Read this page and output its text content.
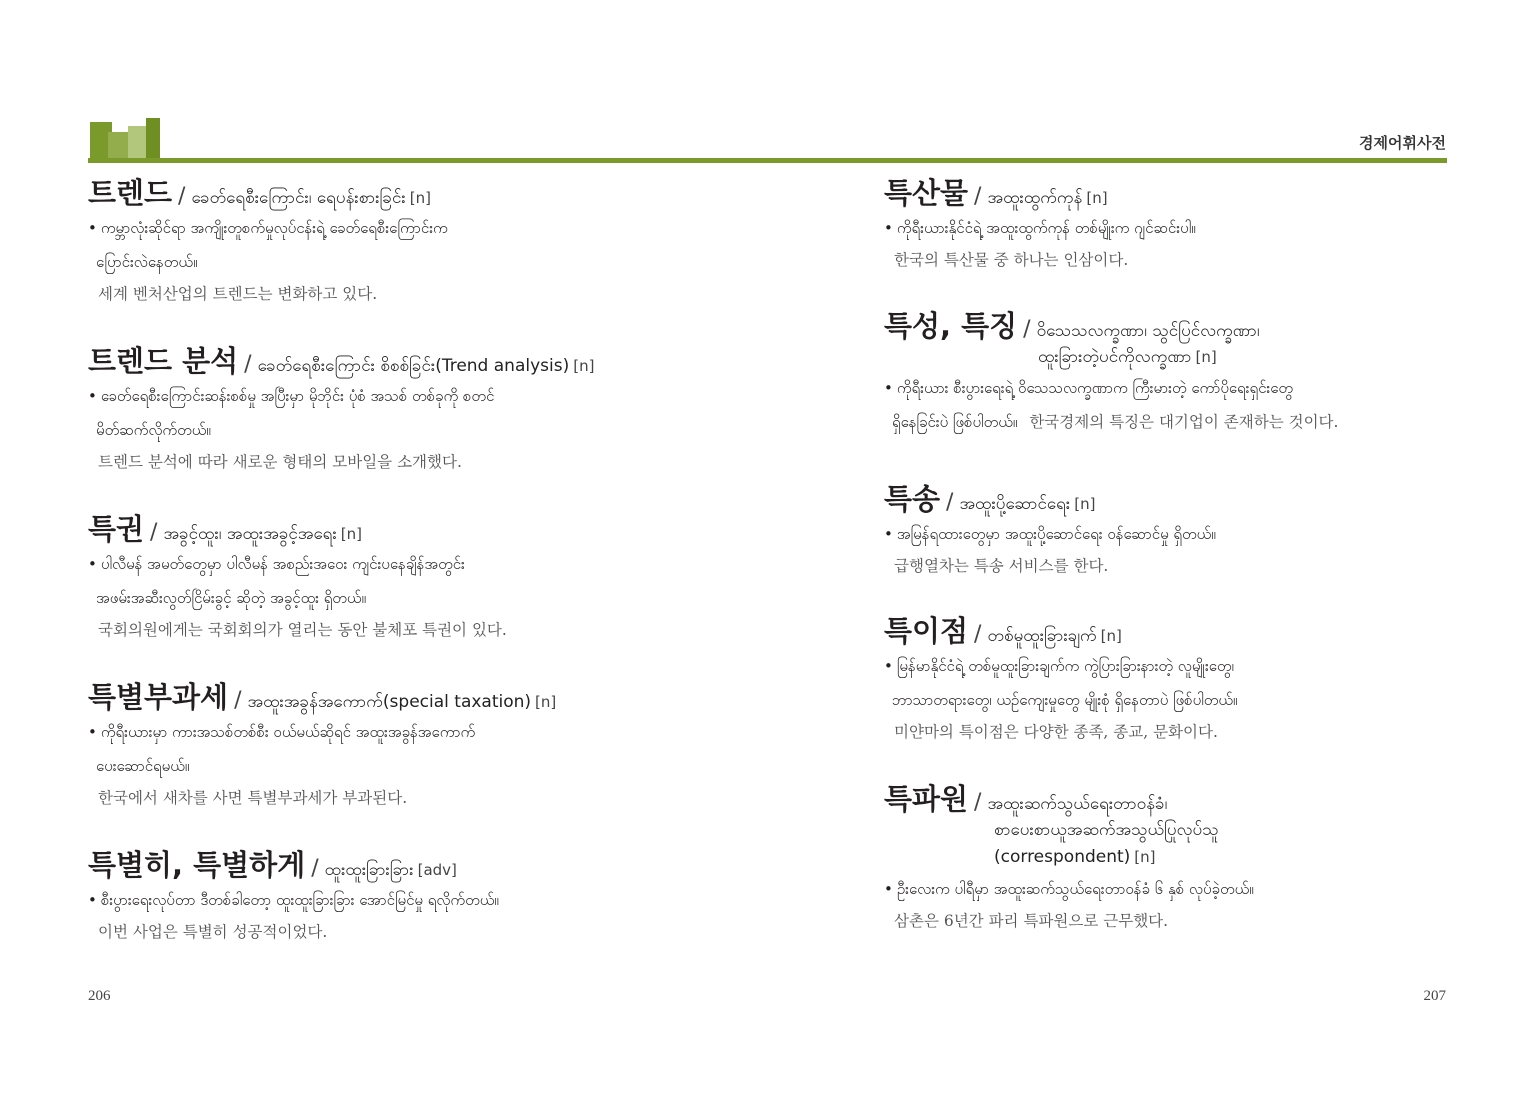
경제어휘사전
트렌드 / ခေတ်ရေစီးကြောင်း၊ ရေပန်းစားခြင်း [n]
• ကမ္ဘာလုံးဆိုင်ရာ အကျိုးတူစက်မှုလုပ်ငန်းရဲ့ ခေတ်ရေစီးကြောင်းက
ပြောင်းလဲနေတယ်။
세계 벤처산업의 트렌드는 변화하고 있다.
트렌드 분석 / ခေတ်ရေစီးကြောင်း စိစစ်ခြင်း(Trend analysis) [n]
• ခေတ်ရေစီးကြောင်းဆန်းစစ်မှု အပြီးမှာ မိုဘိုင်း ပုံစံ အသစ် တစ်ခုကို စတင်
မိတ်ဆက်လိုက်တယ်။
트렌드 분석에 따라 새로운 형태의 모바일을 소개했다.
특권 / အခွင့်ထူး၊ အထူးအခွင့်အရေး [n]
• ပါလီမန် အမတ်တွေမှာ ပါလီမန် အစည်းအဝေး ကျင်းပနေချိန်အတွင်း
အဖမ်းအဆီးလွတ်ငြိမ်းခွင့် ဆိုတဲ့ အခွင့်ထူး ရှိတယ်။
국회의원에게는 국회회의가 열리는 동안 불체포 특권이 있다.
특별부과세 / အထူးအခွန်အကောက်(special taxation) [n]
• ကိုရီးယားမှာ ကားအသစ်တစ်စီး ဝယ်မယ်ဆိုရင် အထူးအခွန်အကောက်
ပေးဆောင်ရမယ်။
한국에서 새차를 사면 특별부과세가 부과된다.
특별히, 특별하게 / ထူးထူးခြားခြား [adv]
• စီးပွားရေးလုပ်တာ ဒီတစ်ခါတော့ ထူးထူးခြားခြား အောင်မြင်မှု ရလိုက်တယ်။
이번 사업은 특별히 성공적이었다.
특산물 / အထူးထွက်ကုန် [n]
• ကိုရီးယားနိုင်ငံရဲ့ အထူးထွက်ကုန် တစ်မျိုးက ဂျင်ဆင်းပါ။
한국의 특산물 중 하나는 인삼이다.
특성, 특징 / ဝိသေသလက္ခဏာ၊ သွင်ပြင်လက္ခဏာ၊
ထူးခြားတဲ့ပင်ကိုလက္ခဏာ [n]
• ကိုရီးယား စီးပွားရေးရဲ့ ဝိသေသလက္ခဏာက ကြီးမားတဲ့ ကော်ပိုရေးရှင်းတွေ
ရှိနေခြင်းပဲ ဖြစ်ပါတယ်။ 한국경제의 특징은 대기업이 존재하는 것이다.
특송 / အထူးပို့ဆောင်ရေး [n]
• အမြန်ရထားတွေမှာ အထူးပို့ဆောင်ရေး ဝန်ဆောင်မှု ရှိတယ်။
급행열차는 특송 서비스를 한다.
특이점 / တစ်မူထူးခြားချက် [n]
• မြန်မာနိုင်ငံရဲ့ တစ်မူထူးခြားချက်က ကွဲပြားခြားနားတဲ့ လူမျိုးတွေ၊
ဘာသာတရားတွေ၊ ယဉ်ကျေးမှုတွေ မျိုးစုံ ရှိနေတာပဲ ဖြစ်ပါတယ်။
미얀마의 특이점은 다양한 종족, 종교, 문화이다.
특파원 / အထူးဆက်သွယ်ရေးတာဝန်ခံ၊
စာပေးစာယူအဆက်အသွယ်ပြုလုပ်သူ
(correspondent) [n]
• ဦးလေးက ပါရီမှာ အထူးဆက်သွယ်ရေးတာဝန်ခံ ၆ နှစ် လုပ်ခဲ့တယ်။
삼촌은 6년간 파리 특파원으로 근무했다.
206	207
